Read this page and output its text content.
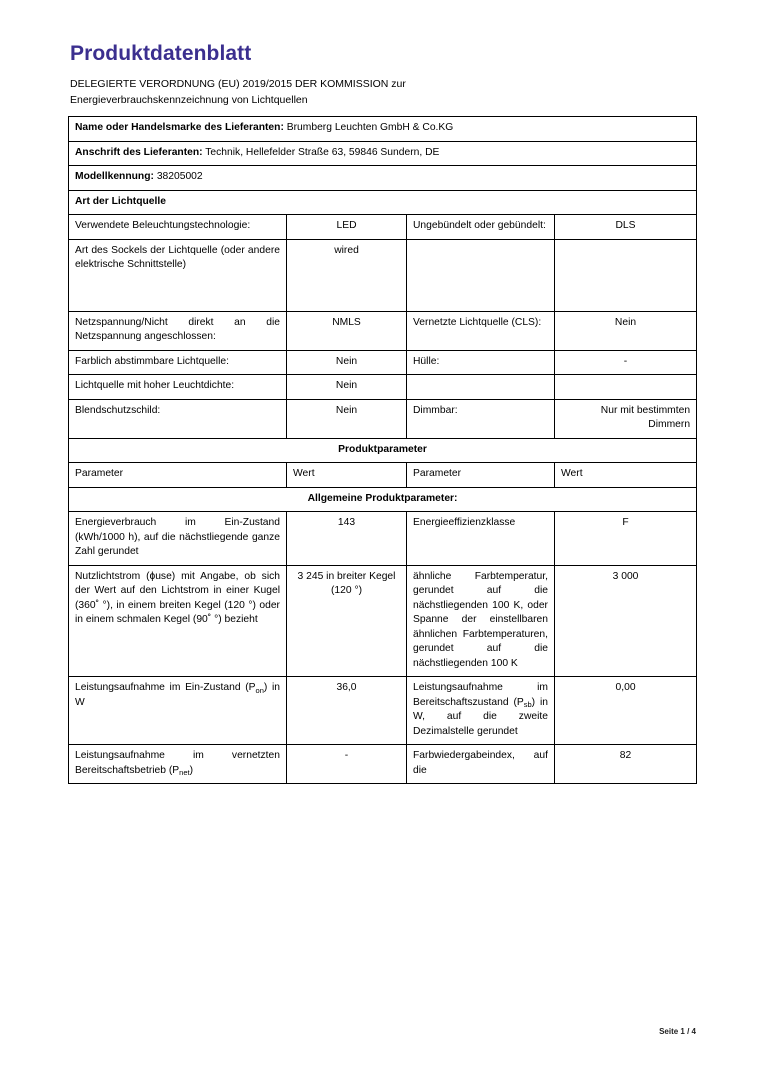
Produktdatenblatt
DELEGIERTE VERORDNUNG (EU) 2019/2015 DER KOMMISSION zur
Energieverbrauchskennzeichnung von Lichtquellen
Name oder Handelsmarke des Lieferanten: Brumberg Leuchten GmbH & Co.KG			
Anschrift des Lieferanten: Technik, Hellefelder Straße 63, 59846 Sundern, DE			
Modellkennung: 38205002			
Art der Lichtquelle			
Verwendete Beleuchtungstechnologie:	LED	Ungebündelt oder gebündelt:	DLS
Art des Sockels der Lichtquelle (oder andere elektrische Schnittstelle)	wired		
Netzspannung/Nicht direkt an die Netzspannung angeschlossen:	NMLS	Vernetzte Lichtquelle (CLS):	Nein
Farblich abstimmbare Lichtquelle:	Nein	Hülle:	-
Lichtquelle mit hoher Leuchtdichte:	Nein		
Blendschutzschild:	Nein	Dimmbar:	Nur mit bestimmten Dimmern
Produktparameter			
Parameter	Wert	Parameter	Wert
Allgemeine Produktparameter:			
Energieverbrauch im Ein-Zustand (kWh/1000 h), auf die nächstliegende ganze Zahl gerundet	143	Energieeffizienzklasse	F
Nutzlichtstrom (ɸuse) mit Angabe, ob sich der Wert auf den Lichtstrom in einer Kugel (360˚ °), in einem breiten Kegel (120 °) oder in einem schmalen Kegel (90˚ °) bezieht	3 245 in breiter Kegel (120 °)	ähnliche Farbtemperatur, gerundet auf die nächstliegenden 100 K, oder Spanne der einstellbaren ähnlichen Farbtemperaturen, gerundet auf die nächstliegenden 100 K	3 000
Leistungsaufnahme im Ein-Zustand $(P_{on})$ in W	36,0	Leistungsaufnahme im Bereitschaftszustand $(P_{sb})$ in W, auf die zweite Dezimalstelle gerundet	0,00
Leistungsaufnahme im vernetzten Bereitschaftsbetrieb $(P_{net})$	-	Farbwiedergabeindex, auf die	82
Seite 1 / 4
